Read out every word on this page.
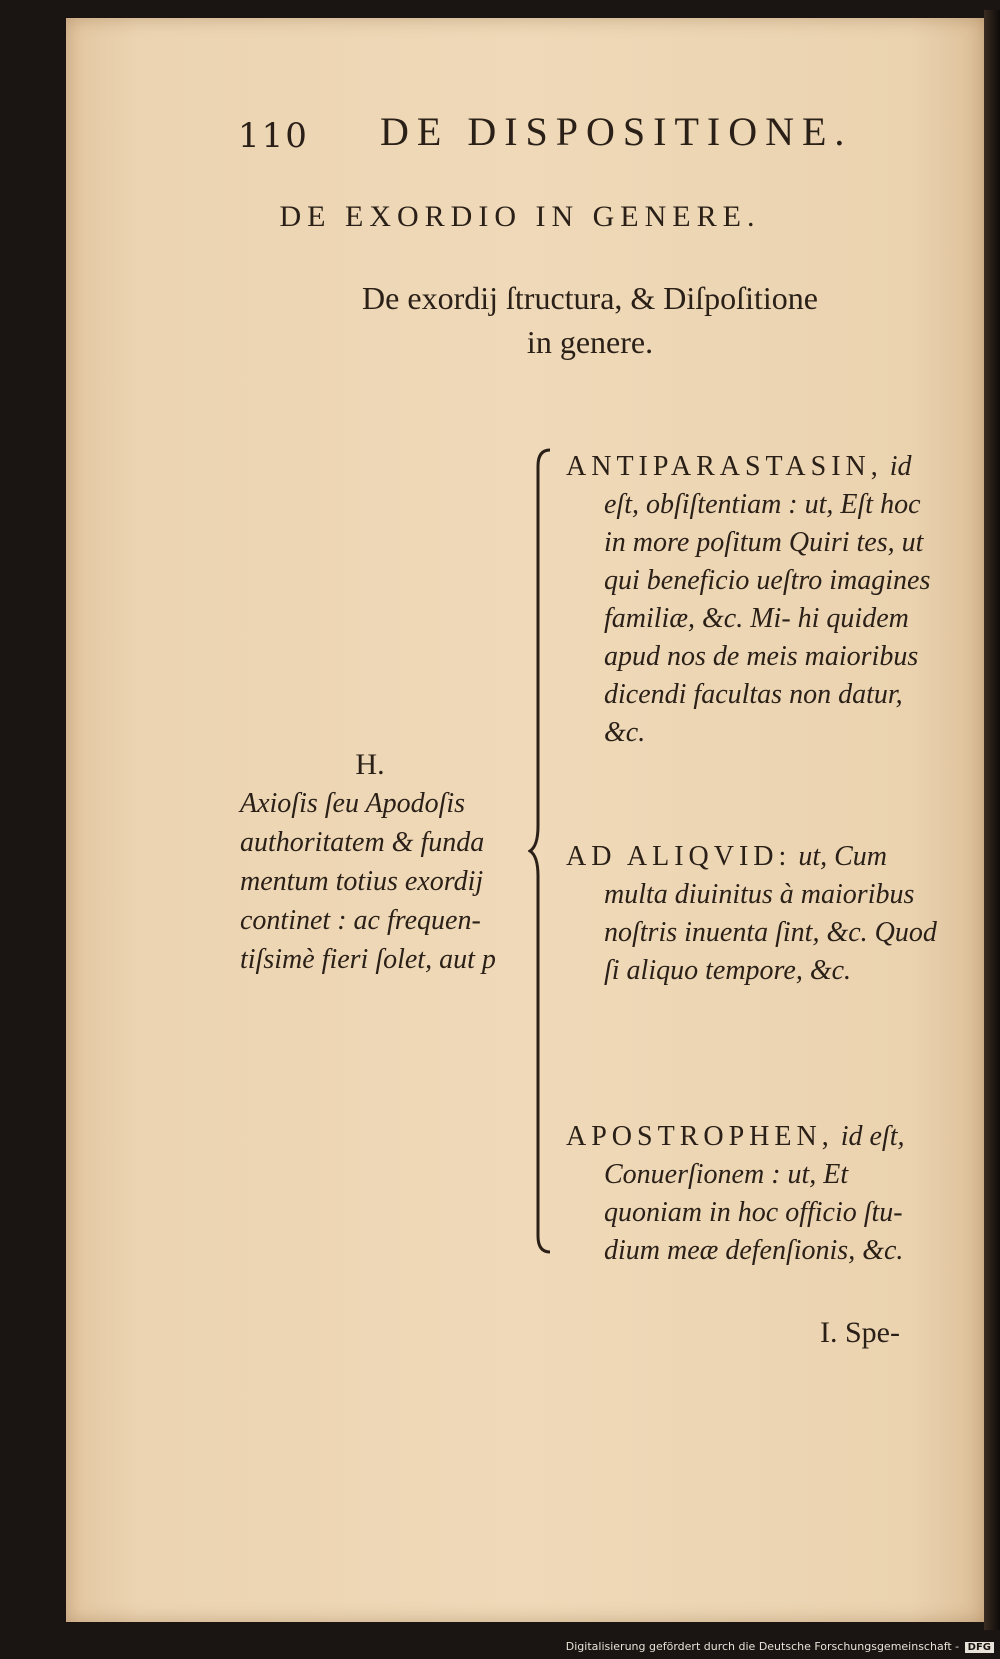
110 DE DISPOSITIONE.
DE EXORDIO IN GENERE.
De exordij ſtructura, & Diſpoſitione
in genere.
H.
Axioſis ſeu Apodoſis authoritatem & funda mentum totius exordij continet : ac frequen- tiſsimè fieri ſolet, aut p
ANTIPARASTASIN, id eſt, obſiſtentiam : ut, Eſt hoc in more poſitum Quiri tes, ut qui beneficio ueſtro imagines familiæ, &c. Mi- hi quidem apud nos de meis maioribus dicendi facultas non datur, &c.
AD ALIQVID: ut, Cum multa diuinitus à maioribus noſtris inuenta ſint, &c. Quod ſi aliquo tempore, &c.
APOSTROPHEN, id eſt, Conuerſionem : ut, Et quoniam in hoc officio ſtu- dium meæ defenſionis, &c.
I. Spe-
Digitalisierung gefördert durch die Deutsche Forschungsgemeinschaft - DFG
